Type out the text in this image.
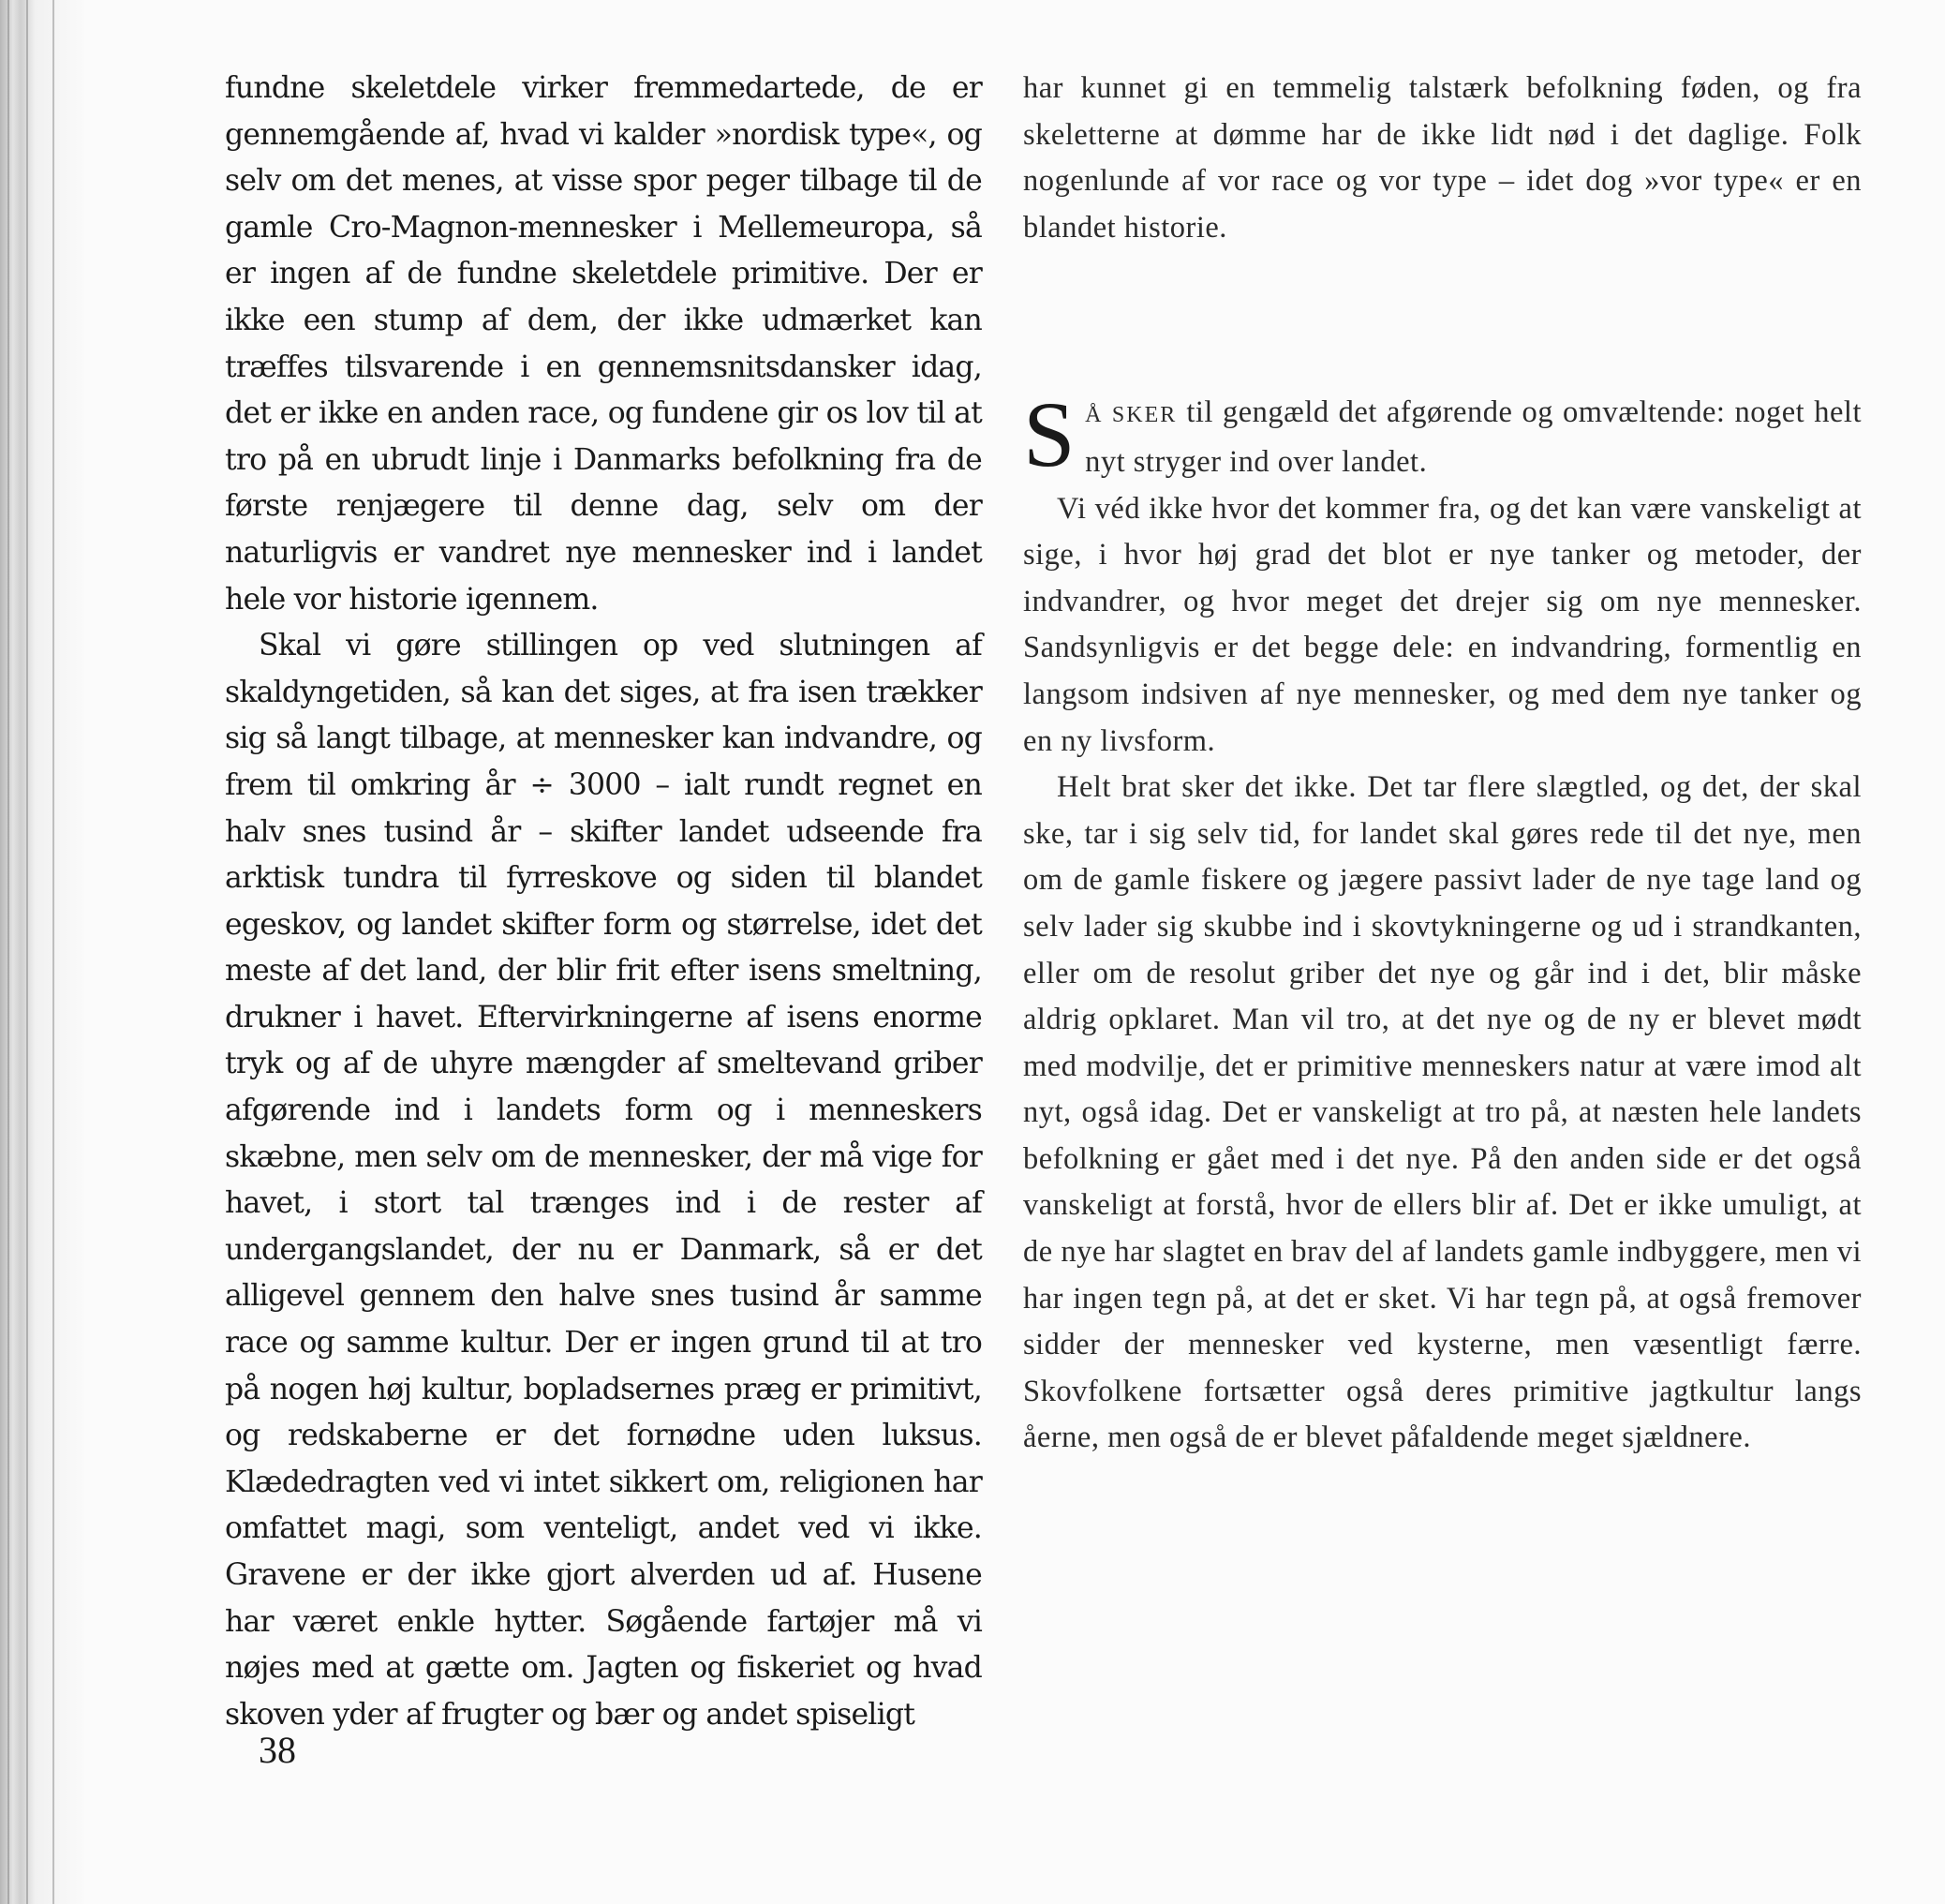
fundne skeletdele virker fremmedartede, de er gennemgående af, hvad vi kalder »nordisk type«, og selv om det menes, at visse spor peger tilbage til de gamle Cro-Magnon-mennesker i Mellemeuropa, så er ingen af de fundne skeletdele primitive. Der er ikke een stump af dem, der ikke udmærket kan træffes tilsvarende i en gennemsnitsdansker idag, det er ikke en anden race, og fundene gir os lov til at tro på en ubrudt linje i Danmarks befolkning fra de første renjægere til denne dag, selv om der naturligvis er vandret nye mennesker ind i landet hele vor historie igennem.

Skal vi gøre stillingen op ved slutningen af skaldyngetiden, så kan det siges, at fra isen trækker sig så langt tilbage, at mennesker kan indvandre, og frem til omkring år ÷ 3000 – ialt rundt regnet en halv snes tusind år – skifter landet udseende fra arktisk tundra til fyrreskove og siden til blandet egeskov, og landet skifter form og størrelse, idet det meste af det land, der blir frit efter isens smeltning, drukner i havet. Eftervirkningerne af isens enorme tryk og af de uhyre mængder af smeltevand griber afgørende ind i landets form og i menneskers skæbne, men selv om de mennesker, der må vige for havet, i stort tal trænges ind i de rester af undergangslandet, der nu er Danmark, så er det alligevel gennem den halve snes tusind år samme race og samme kultur. Der er ingen grund til at tro på nogen høj kultur, bopladsernes præg er primitivt, og redskaberne er det fornødne uden luksus. Klædedragten ved vi intet sikkert om, religionen har omfattet magi, som venteligt, andet ved vi ikke. Gravene er der ikke gjort alverden ud af. Husene har været enkle hytter. Søgående fartøjer må vi nøjes med at gætte om. Jagten og fiskeriet og hvad skoven yder af frugter og bær og andet spiseligt

har kunnet gi en temmelig talstærk befolkning føden, og fra skeletterne at dømme har de ikke lidt nød i det daglige. Folk nogenlunde af vor race og vor type – idet dog »vor type« er en blandet historie.

S Å SKER til gengæld det afgørende og omvæltende: noget helt nyt stryger ind over landet.

Vi véd ikke hvor det kommer fra, og det kan være vanskeligt at sige, i hvor høj grad det blot er nye tanker og metoder, der indvandrer, og hvor meget det drejer sig om nye mennesker. Sandsynligvis er det begge dele: en indvandring, formentlig en langsom indsiven af nye mennesker, og med dem nye tanker og en ny livsform.

Helt brat sker det ikke. Det tar flere slægtled, og det, der skal ske, tar i sig selv tid, for landet skal gøres rede til det nye, men om de gamle fiskere og jægere passivt lader de nye tage land og selv lader sig skubbe ind i skovtykningerne og ud i strandkanten, eller om de resolut griber det nye og går ind i det, blir måske aldrig opklaret. Man vil tro, at det nye og de ny er blevet mødt med modvilje, det er primitive menneskers natur at være imod alt nyt, også idag. Det er vanskeligt at tro på, at næsten hele landets befolkning er gået med i det nye. På den anden side er det også vanskeligt at forstå, hvor de ellers blir af. Det er ikke umuligt, at de nye har slagtet en brav del af landets gamle indbyggere, men vi har ingen tegn på, at det er sket. Vi har tegn på, at også fremover sidder der mennesker ved kysterne, men væsentligt færre. Skovfolkene fortsætter også deres primitive jagtkultur langs åerne, men også de er blevet påfaldende meget sjældnere.

38
